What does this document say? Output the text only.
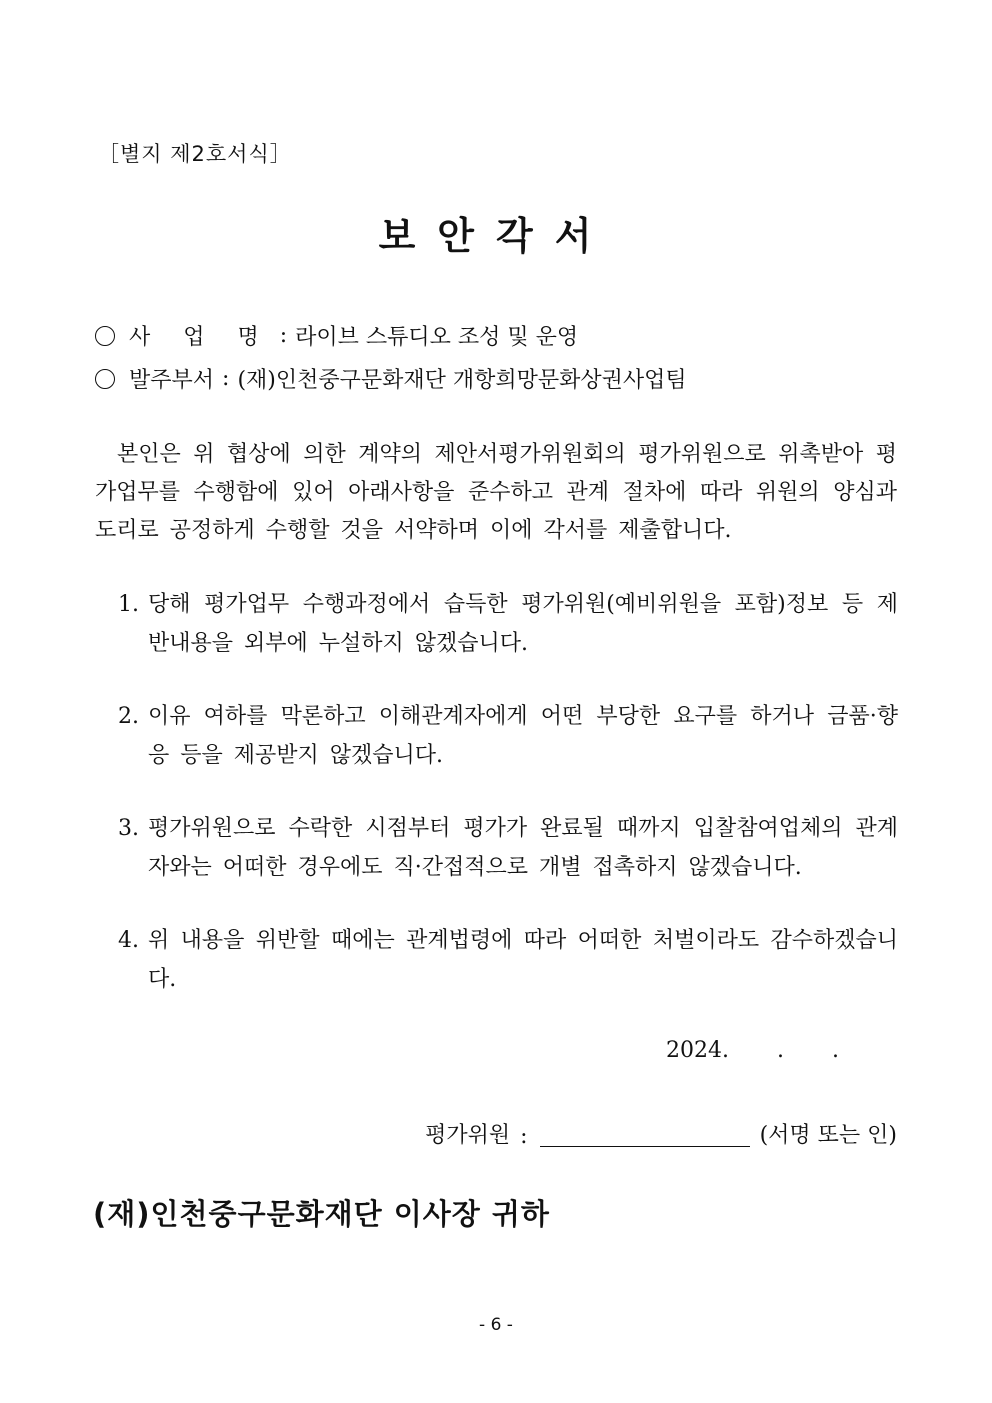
［별지 제2호서식］
보안각서
사 업 명 : 라이브 스튜디오 조성 및 운영
발주부서 : (재)인천중구문화재단 개항희망문화상권사업팀
본인은 위 협상에 의한 계약의 제안서평가위원회의 평가위원으로 위촉받아 평가업무를 수행함에 있어 아래사항을 준수하고 관계 절차에 따라 위원의 양심과 도리로 공정하게 수행할 것을 서약하며 이에 각서를 제출합니다.
1. 당해 평가업무 수행과정에서 습득한 평가위원(예비위원을 포함)정보 등 제반내용을 외부에 누설하지 않겠습니다.
2. 이유 여하를 막론하고 이해관계자에게 어떤 부당한 요구를 하거나 금품·향응 등을 제공받지 않겠습니다.
3. 평가위원으로 수락한 시점부터 평가가 완료될 때까지 입찰참여업체의 관계자와는 어떠한 경우에도 직·간접적으로 개별 접촉하지 않겠습니다.
4. 위 내용을 위반할 때에는 관계법령에 따라 어떠한 처벌이라도 감수하겠습니다.
2024. . .
평가위원 :	(서명 또는 인)
(재)인천중구문화재단 이사장 귀하
- 6 -
